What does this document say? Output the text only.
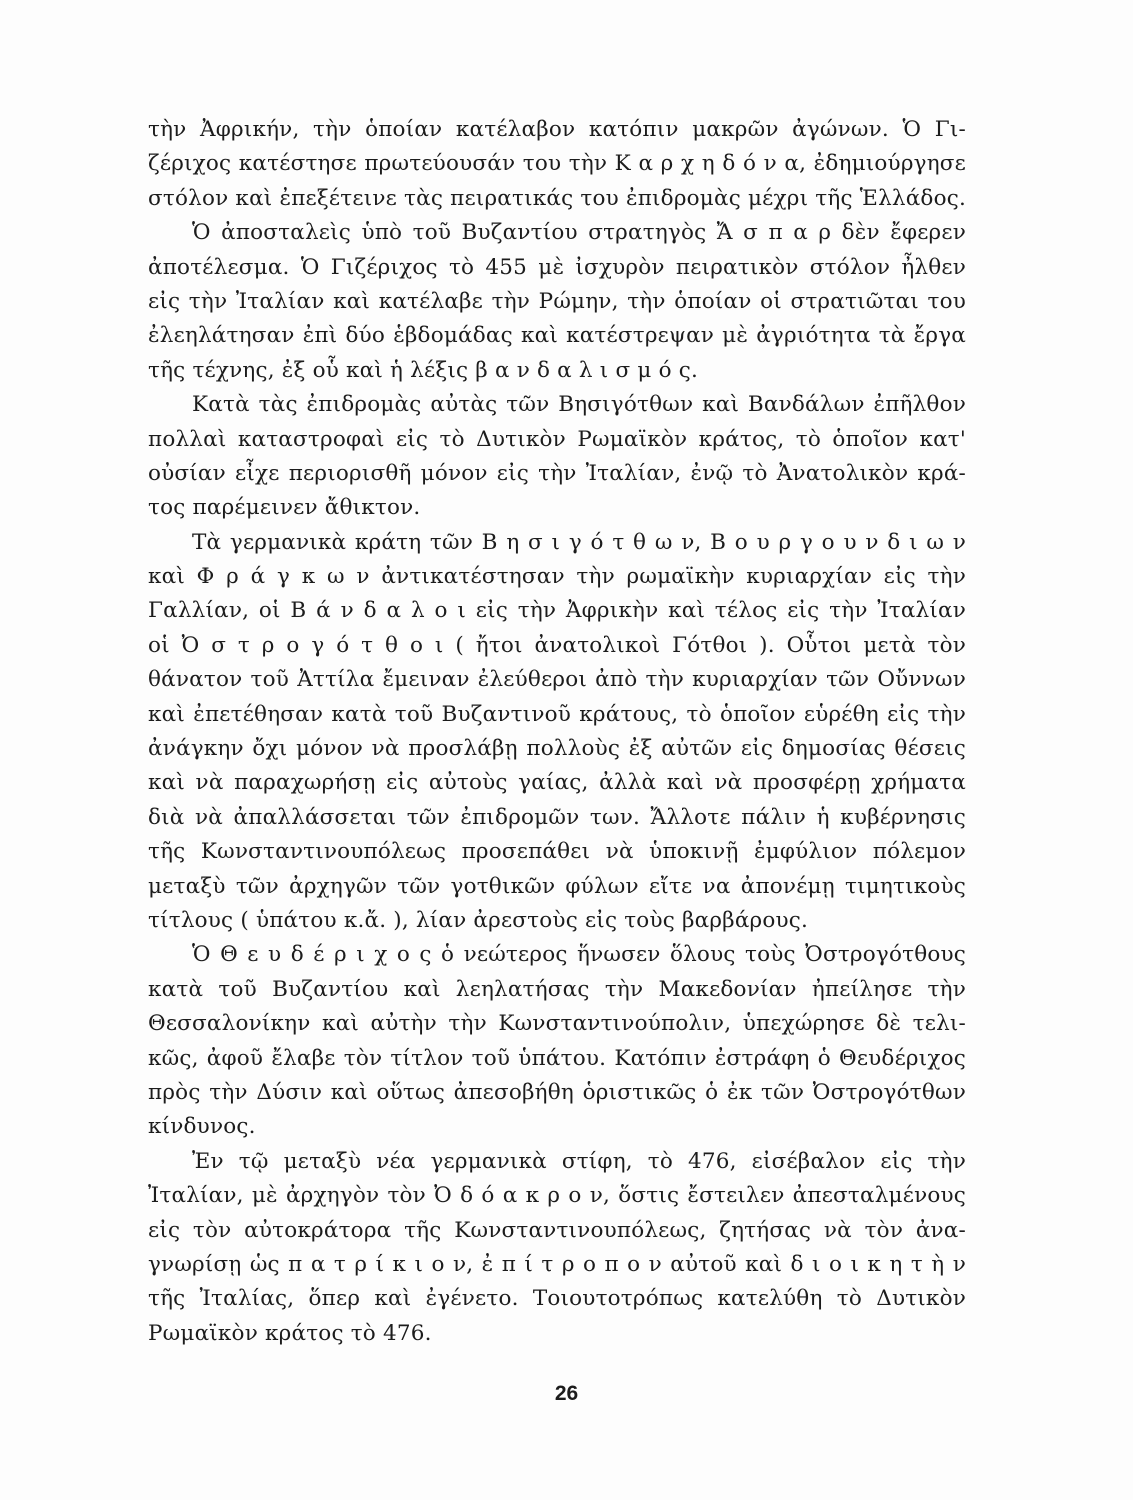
τὴν Ἀφρικήν, τὴν ὁποίαν κατέλαβον κατόπιν μακρῶν ἀγώνων. Ὁ Γι-
ζέριχος κατέστησε πρωτεύουσάν του τὴν Κ α ρ χ η δ ό ν α, ἐδημιούργησε
στόλον καὶ ἐπεξέτεινε τὰς πειρατικάς του ἐπιδρομὰς μέχρι τῆς Ἑλλάδος.
Ὁ ἀποσταλεὶς ὑπὸ τοῦ Βυζαντίου στρατηγὸς Ἄ σ π α ρ δὲν ἔφερεν
ἀποτέλεσμα. Ὁ Γιζέριχος τὸ 455 μὲ ἰσχυρὸν πειρατικὸν στόλον ἦλθεν
εἰς τὴν Ἰταλίαν καὶ κατέλαβε τὴν Ρώμην, τὴν ὁποίαν οἱ στρατιῶται του
ἐλεηλάτησαν ἐπὶ δύο ἑβδομάδας καὶ κατέστρεψαν μὲ ἀγριότητα τὰ ἔργα
τῆς τέχνης, ἐξ οὗ καὶ ἡ λέξις β α ν δ α λ ι σ μ ό ς.
Κατὰ τὰς ἐπιδρομὰς αὐτὰς τῶν Βησιγότθων καὶ Βανδάλων ἐπῆλθον
πολλαὶ καταστροφαὶ εἰς τὸ Δυτικὸν Ρωμαϊκὸν κράτος, τὸ ὁποῖον κατ'
οὐσίαν εἶχε περιορισθῆ μόνον εἰς τὴν Ἰταλίαν, ἐνῷ τὸ Ἀνατολικὸν κρά-
τος παρέμεινεν ἄθικτον.
Τὰ γερμανικὰ κράτη τῶν Β η σ ι γ ό τ θ ω ν, Β ο υ ρ γ ο υ ν δ ι ω ν
καὶ Φ ρ ά γ κ ω ν ἀντικατέστησαν τὴν ρωμαϊκὴν κυριαρχίαν εἰς τὴν
Γαλλίαν, οἱ Β ά ν δ α λ ο ι εἰς τὴν Ἀφρικὴν καὶ τέλος εἰς τὴν Ἰταλίαν
οἱ Ὀ σ τ ρ ο γ ό τ θ ο ι ( ἤτοι ἀνατολικοὶ Γότθοι ). Οὗτοι μετὰ τὸν
θάνατον τοῦ Ἀττίλα ἔμειναν ἐλεύθεροι ἀπὸ τὴν κυριαρχίαν τῶν Οὔννων
καὶ ἐπετέθησαν κατὰ τοῦ Βυζαντινοῦ κράτους, τὸ ὁποῖον εὑρέθη εἰς τὴν
ἀνάγκην ὄχι μόνον νὰ προσλάβῃ πολλοὺς ἐξ αὐτῶν εἰς δημοσίας θέσεις
καὶ νὰ παραχωρήσῃ εἰς αὐτοὺς γαίας, ἀλλὰ καὶ νὰ προσφέρῃ χρήματα
διὰ νὰ ἀπαλλάσσεται τῶν ἐπιδρομῶν των. Ἄλλοτε πάλιν ἡ κυβέρνησις
τῆς Κωνσταντινουπόλεως προσεπάθει νὰ ὑποκινῇ ἐμφύλιον πόλεμον
μεταξὺ τῶν ἀρχηγῶν τῶν γοτθικῶν φύλων εἴτε να ἀπονέμῃ τιμητικοὺς
τίτλους ( ὑπάτου κ.ἄ. ), λίαν ἀρεστοὺς εἰς τοὺς βαρβάρους.
Ὁ Θ ε υ δ έ ρ ι χ ο ς ὁ νεώτερος ἥνωσεν ὅλους τοὺς Ὀστρογότθους
κατὰ τοῦ Βυζαντίου καὶ λεηλατήσας τὴν Μακεδονίαν ἠπείλησε τὴν
Θεσσαλονίκην καὶ αὐτὴν τὴν Κωνσταντινούπολιν, ὑπεχώρησε δὲ τελι-
κῶς, ἀφοῦ ἔλαβε τὸν τίτλον τοῦ ὑπάτου. Κατόπιν ἐστράφη ὁ Θευδέριχος
πρὸς τὴν Δύσιν καὶ οὕτως ἀπεσοβήθη ὁριστικῶς ὁ ἐκ τῶν Ὀστρογότθων
κίνδυνος.
Ἐν τῷ μεταξὺ νέα γερμανικὰ στίφη, τὸ 476, εἰσέβαλον εἰς τὴν
Ἰταλίαν, μὲ ἀρχηγὸν τὸν Ὀ δ ό α κ ρ ο ν, ὅστις ἔστειλεν ἀπεσταλμένους
εἰς τὸν αὐτοκράτορα τῆς Κωνσταντινουπόλεως, ζητήσας νὰ τὸν ἀνα-
γνωρίσῃ ὡς π α τ ρ ί κ ι ο ν, ἐ π ί τ ρ ο π ο ν αὐτοῦ καὶ δ ι ο ι κ η τ ὴ ν
τῆς Ἰταλίας, ὅπερ καὶ ἐγένετο. Τοιουτοτρόπως κατελύθη τὸ Δυτικὸν
Ρωμαϊκὸν κράτος τὸ 476.
26
